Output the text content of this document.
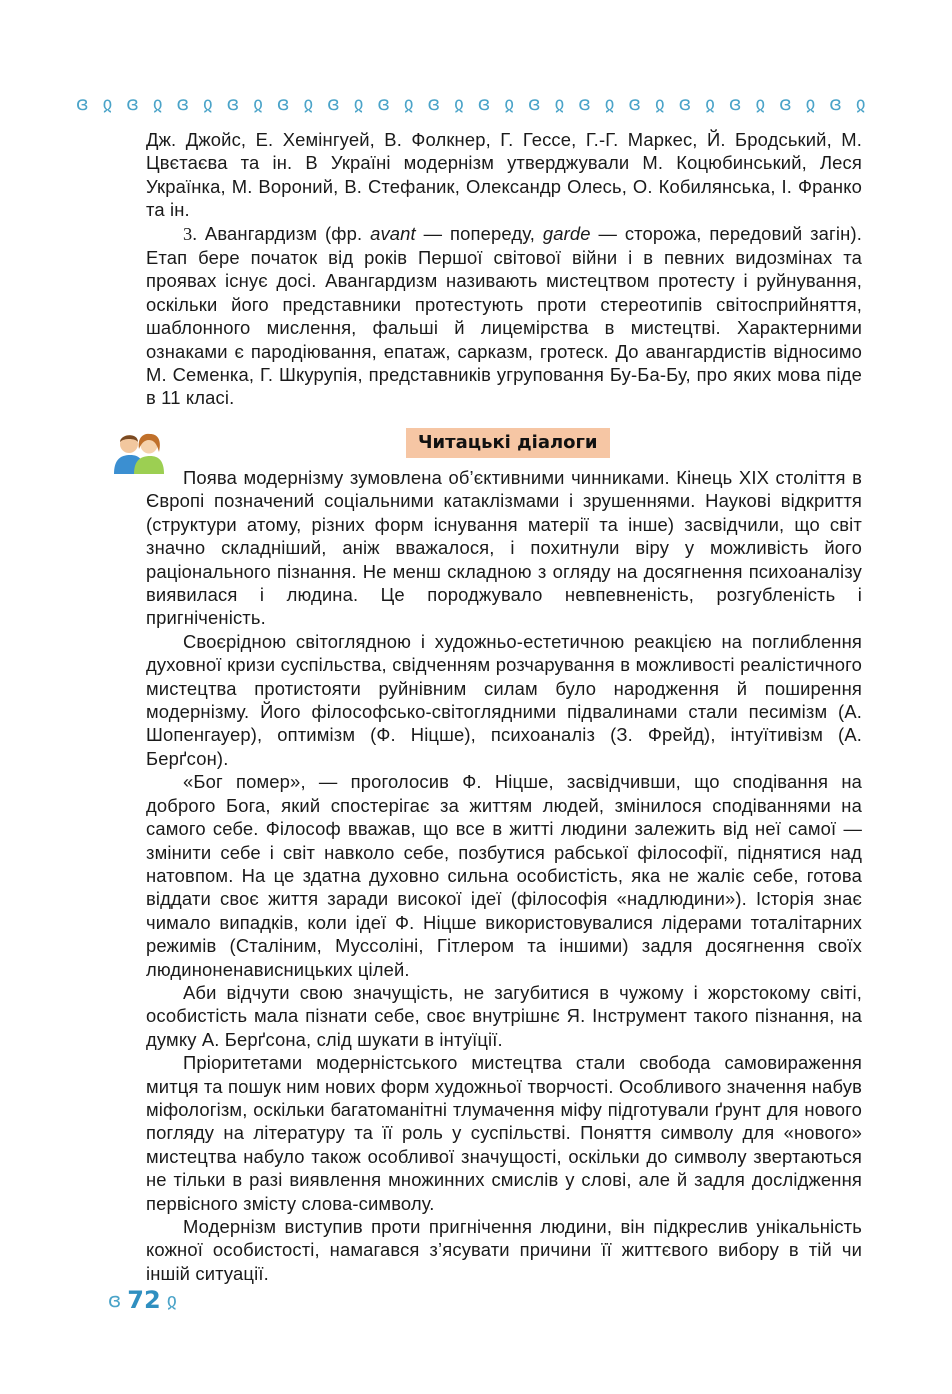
ɞ ჲ ɞ ჲ ɞ ჲ ɞ ჲ ɞ ჲ ɞ ჲ ɞ ჲ ɞ ჲ ɞ ჲ ɞ ჲ ɞ ჲ ɞ ჲ ɞ ჲ ɞ ჲ ɞ ჲ ɞ ჲ

Дж. Джойс, Е. Хемінгуей, В. Фолкнер, Г. Гессе, Г.-Г. Маркес, Й. Бродський, М. Цвєтаєва та ін. В Україні модернізм утверджували М. Коцюбинський, Леся Українка, М. Вороний, В. Стефаник, Олександр Олесь, О. Кобилянська, І. Франко та ін.

3. Авангардизм (фр. avant — попереду, garde — сторожа, передовий загін). Етап бере початок від років Першої світової війни і в певних видозмінах та проявах існує досі. Авангардизм називають мистецтвом протесту і руйнування, оскільки його представники протестують проти стереотипів світосприйняття, шаблонного мислення, фальші й лицемірства в мистецтві. Характерними ознаками є пародіювання, епатаж, сарказм, гротеск. До авангардистів відносимо М. Семенка, Г. Шкурупія, представників угруповання Бу-Ба-Бу, про яких мова піде в 11 класі.

Читацькі діалоги

Поява модернізму зумовлена об’єктивними чинниками. Кінець XIX століття в Європі позначений соціальними катаклізмами і зрушеннями. Наукові відкриття (структури атому, різних форм існування матерії та інше) засвідчили, що світ значно складніший, аніж вважалося, і похитнули віру у можливість його раціонального пізнання. Не менш складною з огляду на досягнення психоаналізу виявилася і людина. Це породжувало невпевненість, розгубленість і пригніченість.

Своєрідною світоглядною і художньо-естетичною реакцією на поглиблення духовної кризи суспільства, свідченням розчарування в можливості реалістичного мистецтва протистояти руйнівним силам було народження й поширення модернізму. Його філософсько-світоглядними підвалинами стали песимізм (А. Шопенгауер), оптимізм (Ф. Ніцше), психоаналіз (З. Фрейд), інтуїтивізм (А. Берґсон).

«Бог помер», — проголосив Ф. Ніцше, засвідчивши, що сподівання на доброго Бога, який спостерігає за життям людей, змінилося сподіваннями на самого себе. Філософ вважав, що все в житті людини залежить від неї самої — змінити себе і світ навколо себе, позбутися рабської філософії, піднятися над натовпом. На це здатна духовно сильна особистість, яка не жаліє себе, готова віддати своє життя заради високої ідеї (філософія «надлюдини»). Історія знає чимало випадків, коли ідеї Ф. Ніцше використовувалися лідерами тоталітарних режимів (Сталіним, Муссоліні, Гітлером та іншими) задля досягнення своїх людиноненависницьких цілей.

Аби відчути свою значущість, не загубитися в чужому і жорстокому світі, особистість мала пізнати себе, своє внутрішнє Я. Інструмент такого пізнання, на думку А. Берґсона, слід шукати в інтуїції.

Пріоритетами модерністського мистецтва стали свобода самовираження митця та пошук ним нових форм художньої творчості. Особливого значення набув міфологізм, оскільки багатоманітні тлумачення міфу підготували ґрунт для нового погляду на літературу та її роль у суспільстві. Поняття символу для «нового» мистецтва набуло також особливої значущості, оскільки до символу звертаються не тільки в разі виявлення множинних смислів у слові, але й задля дослідження первісного змісту слова-символу.

Модернізм виступив проти пригнічення людини, він підкреслив унікальність кожної особистості, намагався з’ясувати причини її життєвого вибору в тій чи іншій ситуації.

ɞ 72 ჲ
